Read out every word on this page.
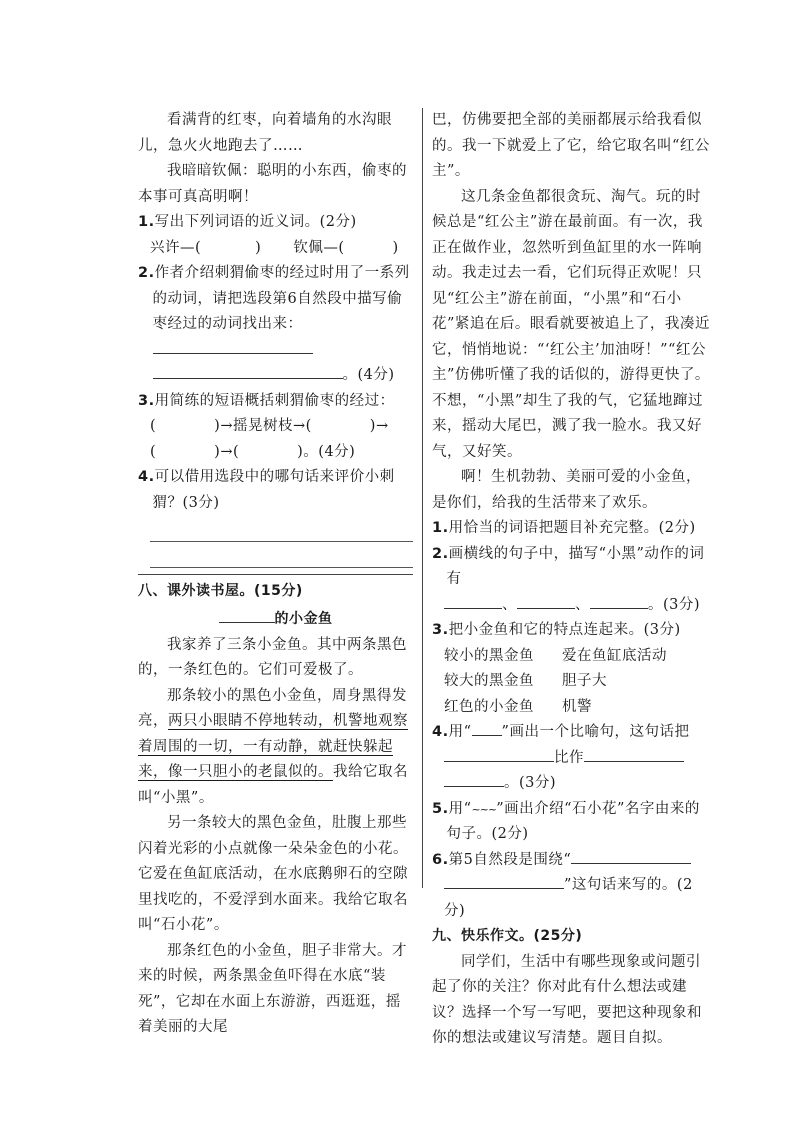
看满背的红枣，向着墙角的水沟眼儿，急火火地跑去了……

我暗暗钦佩：聪明的小东西，偷枣的本事可真高明啊！

1.写出下列词语的近义词。(2分)

兴许—(	) 钦佩—(	)

2.作者介绍刺猬偷枣的经过时用了一系列的动词，请把选段第6自然段中描写偷枣经过的动词找出来：

。(4分)

3.用简练的短语概括刺猬偷枣的经过：

(	)→摇晃树枝→(	)→

(	)→(	)。(4分)

4.可以借用选段中的哪句话来评价小刺猬？(3分)

八、课外读书屋。(15分)

的小金鱼

我家养了三条小金鱼。其中两条黑色的，一条红色的。它们可爱极了。

那条较小的黑色小金鱼，周身黑得发亮，两只小眼睛不停地转动，机警地观察着周围的一切，一有动静，就赶快躲起来，像一只胆小的老鼠似的。我给它取名叫“小黑”。

另一条较大的黑色金鱼，肚腹上那些闪着光彩的小点就像一朵朵金色的小花。它爱在鱼缸底活动，在水底鹅卵石的空隙里找吃的，不爱浮到水面来。我给它取名叫“石小花”。

那条红色的小金鱼，胆子非常大。才来的时候，两条黑金鱼吓得在水底“装死”，它却在水面上东游游，西逛逛，摇着美丽的大尾

巴，仿佛要把全部的美丽都展示给我看似的。我一下就爱上了它，给它取名叫“红公主”。

这几条金鱼都很贪玩、淘气。玩的时候总是“红公主”游在最前面。有一次，我正在做作业，忽然听到鱼缸里的水一阵响动。我走过去一看，它们玩得正欢呢！只见“红公主”游在前面，“小黑”和“石小花”紧追在后。眼看就要被追上了，我凑近它，悄悄地说：“‘红公主’加油呀！”“红公主”仿佛听懂了我的话似的，游得更快了。不想，“小黑”却生了我的气，它猛地蹿过来，摇动大尾巴，溅了我一脸水。我又好气，又好笑。

啊！生机勃勃、美丽可爱的小金鱼，是你们，给我的生活带来了欢乐。

1.用恰当的词语把题目补充完整。(2分)

2.画横线的句子中，描写“小黑”动作的词有

、	、	。(3分)

3.把小金鱼和它的特点连起来。(3分)

较小的黑金鱼	爱在鱼缸底活动

较大的黑金鱼	胆子大

红色的小金鱼	机警

4.用“ ”画出一个比喻句，这句话把

比作

。(3分)

5.用“~~~”画出介绍“石小花”名字由来的句子。(2分)

6.第5自然段是围绕“

”这句话来写的。(2分)

九、快乐作文。(25分)

同学们，生活中有哪些现象或问题引起了你的关注？你对此有什么想法或建议？选择一个写一写吧，要把这种现象和你的想法或建议写清楚。题目自拟。
